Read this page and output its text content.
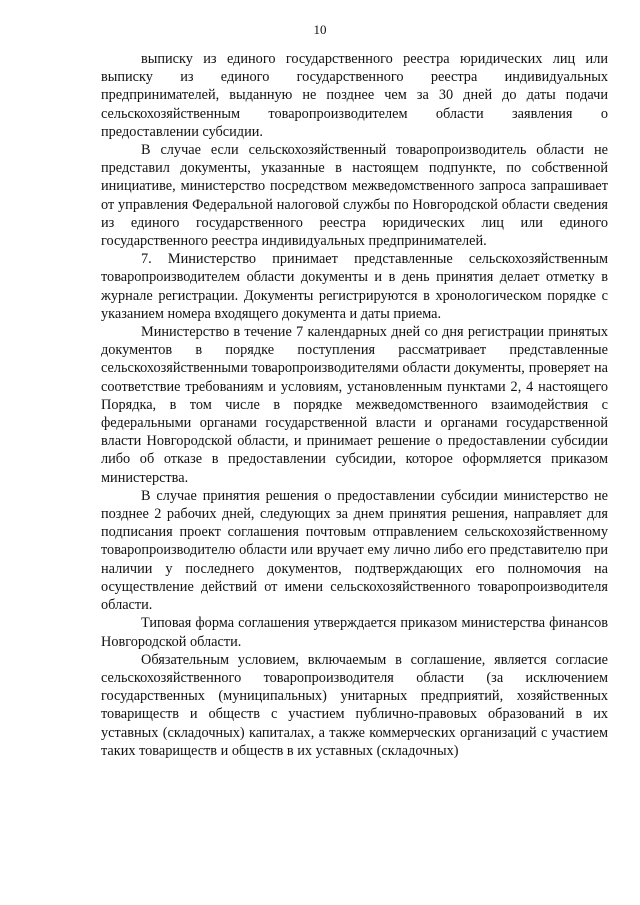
10

выписку из единого государственного реестра юридических лиц или выписку из единого государственного реестра индивидуальных предпринимателей, выданную не позднее чем за 30 дней до даты подачи сельскохозяйственным товаропроизводителем области заявления о предоставлении субсидии.

В случае если сельскохозяйственный товаропроизводитель области не представил документы, указанные в настоящем подпункте, по собственной инициативе, министерство посредством межведомственного запроса запрашивает от управления Федеральной налоговой службы по Новгородской области сведения из единого государственного реестра юридических лиц или единого государственного реестра индивидуальных предпринимателей.

7. Министерство принимает представленные сельскохозяйственным товаропроизводителем области документы и в день принятия делает отметку в журнале регистрации. Документы регистрируются в хронологическом порядке с указанием номера входящего документа и даты приема.

Министерство в течение 7 календарных дней со дня регистрации принятых документов в порядке поступления рассматривает представленные сельскохозяйственными товаропроизводителями области документы, проверяет на соответствие требованиям и условиям, установленным пунктами 2, 4 настоящего Порядка, в том числе в порядке межведомственного взаимодействия с федеральными органами государственной власти и органами государственной власти Новгородской области, и принимает решение о предоставлении субсидии либо об отказе в предоставлении субсидии, которое оформляется приказом министерства.

В случае принятия решения о предоставлении субсидии министерство не позднее 2 рабочих дней, следующих за днем принятия решения, направляет для подписания проект соглашения почтовым отправлением сельскохозяйственному товаропроизводителю области или вручает ему лично либо его представителю при наличии у последнего документов, подтверждающих его полномочия на осуществление действий от имени сельскохозяйственного товаропроизводителя области.

Типовая форма соглашения утверждается приказом министерства финансов Новгородской области.

Обязательным условием, включаемым в соглашение, является согласие сельскохозяйственного товаропроизводителя области (за исключением государственных (муниципальных) унитарных предприятий, хозяйственных товариществ и обществ с участием публично-правовых образований в их уставных (складочных) капиталах, а также коммерческих организаций с участием таких товариществ и обществ в их уставных (складочных)
